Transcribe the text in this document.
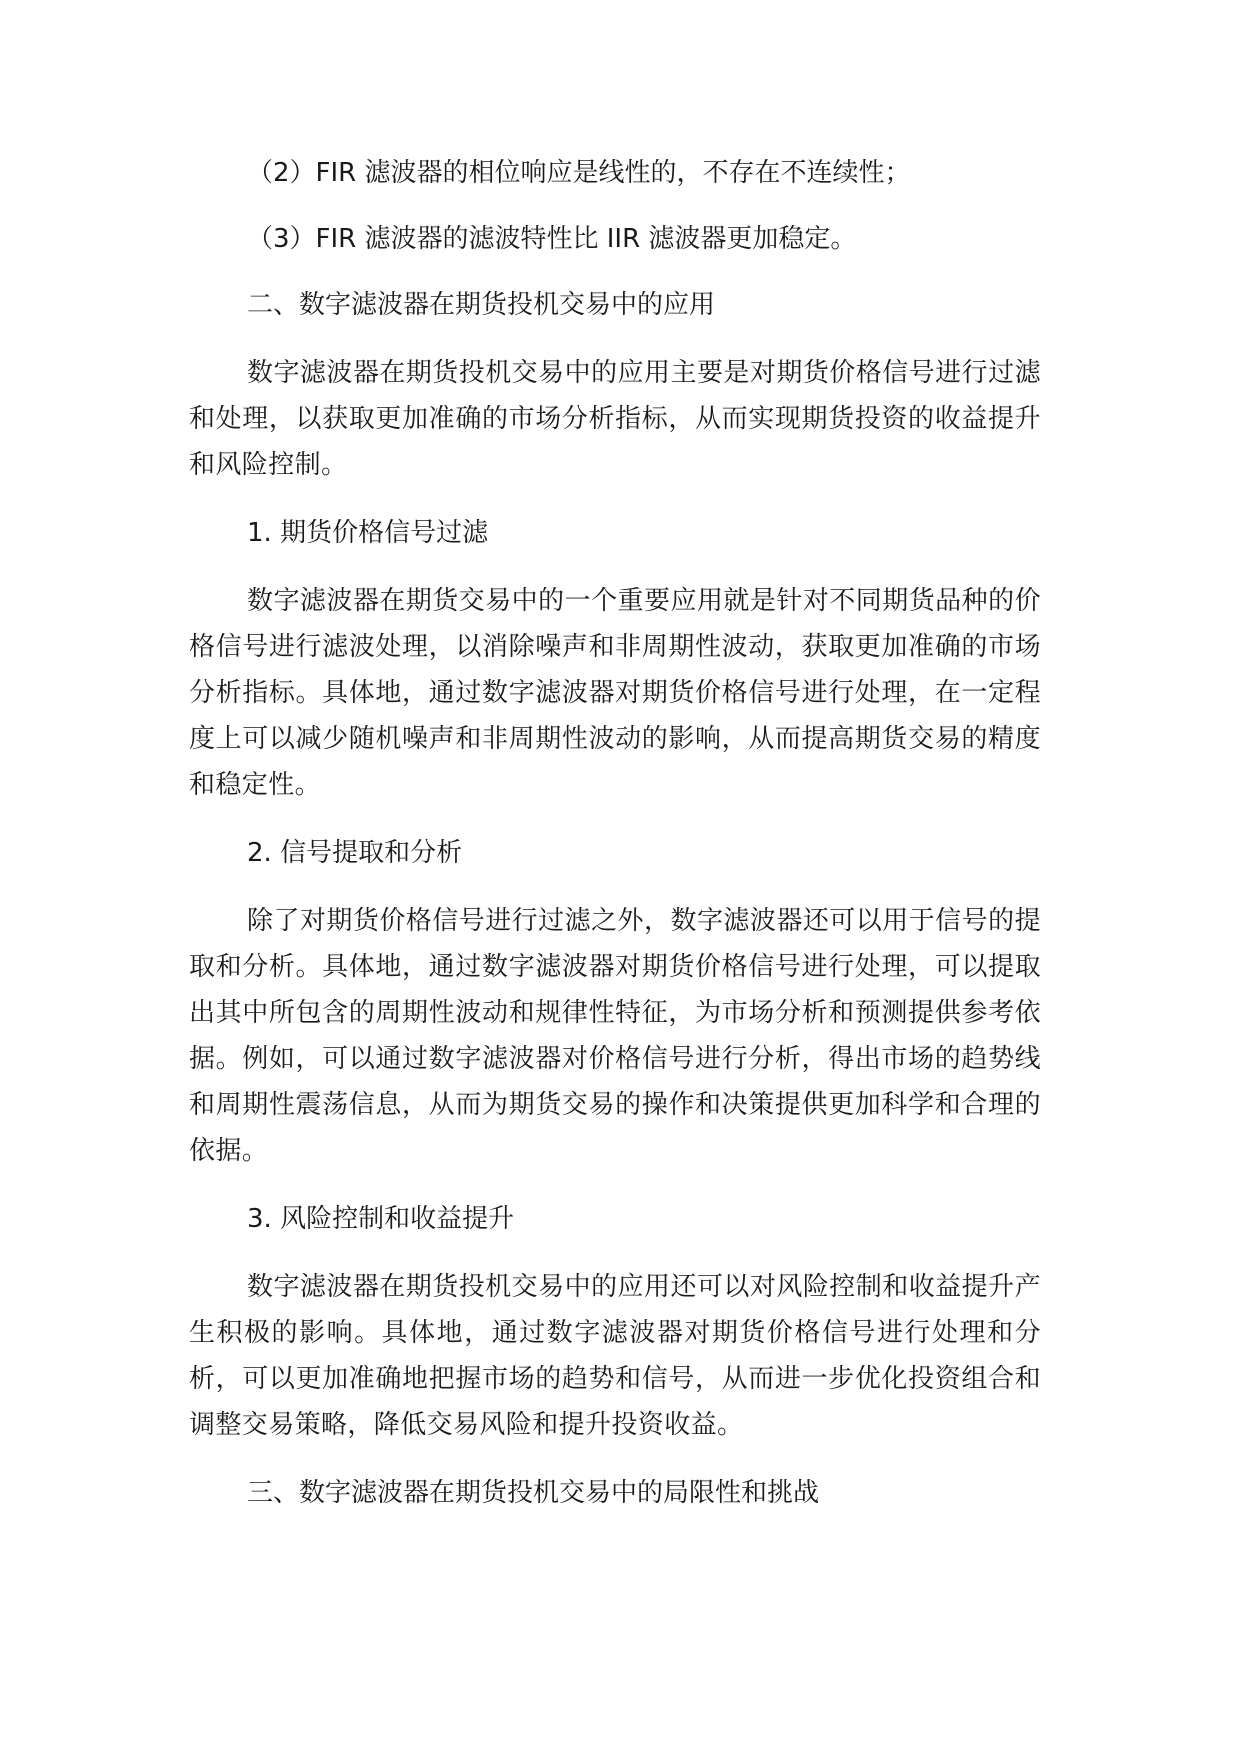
（2）FIR 滤波器的相位响应是线性的，不存在不连续性；

（3）FIR 滤波器的滤波特性比 IIR 滤波器更加稳定。

二、数字滤波器在期货投机交易中的应用

数字滤波器在期货投机交易中的应用主要是对期货价格信号进行过滤和处理，以获取更加准确的市场分析指标，从而实现期货投资的收益提升和风险控制。

1. 期货价格信号过滤

数字滤波器在期货交易中的一个重要应用就是针对不同期货品种的价格信号进行滤波处理，以消除噪声和非周期性波动，获取更加准确的市场分析指标。具体地，通过数字滤波器对期货价格信号进行处理，在一定程度上可以减少随机噪声和非周期性波动的影响，从而提高期货交易的精度和稳定性。

2. 信号提取和分析

除了对期货价格信号进行过滤之外，数字滤波器还可以用于信号的提取和分析。具体地，通过数字滤波器对期货价格信号进行处理，可以提取出其中所包含的周期性波动和规律性特征，为市场分析和预测提供参考依据。例如，可以通过数字滤波器对价格信号进行分析，得出市场的趋势线和周期性震荡信息，从而为期货交易的操作和决策提供更加科学和合理的依据。

3. 风险控制和收益提升

数字滤波器在期货投机交易中的应用还可以对风险控制和收益提升产生积极的影响。具体地，通过数字滤波器对期货价格信号进行处理和分析，可以更加准确地把握市场的趋势和信号，从而进一步优化投资组合和调整交易策略，降低交易风险和提升投资收益。

三、数字滤波器在期货投机交易中的局限性和挑战
